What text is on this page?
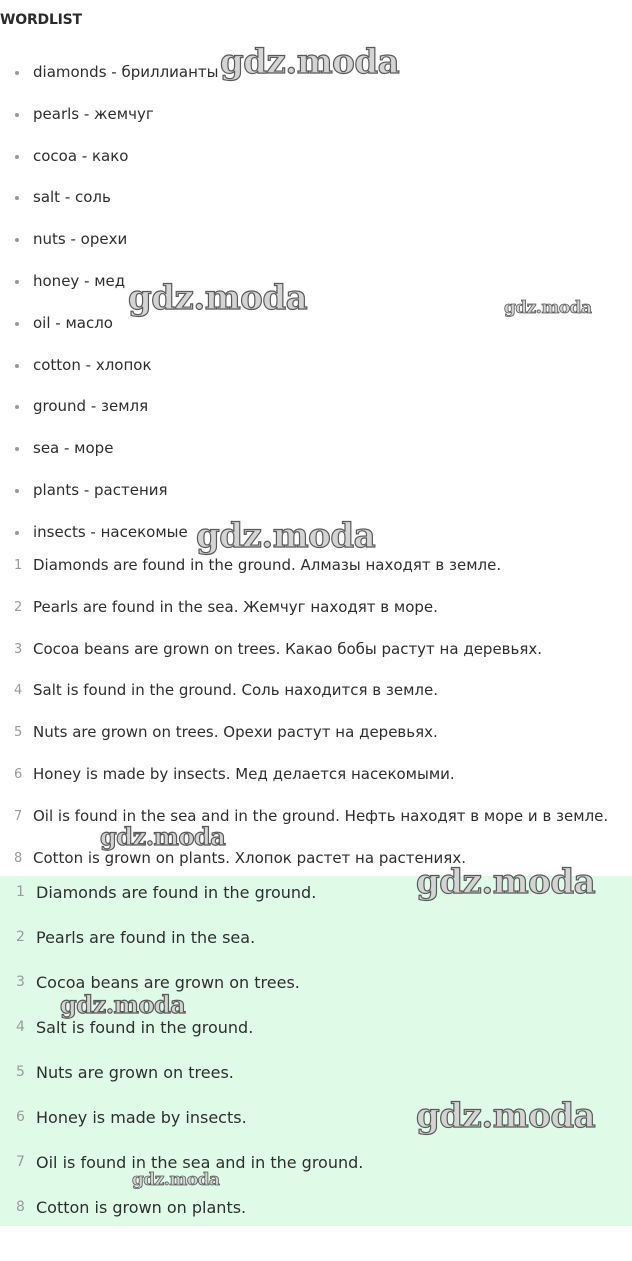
WORDLIST
diamonds - бриллианты
pearls - жемчуг
cocoa - како
salt - соль
nuts - орехи
honey - мед
oil - масло
cotton - хлопок
ground - земля
sea - море
plants - растения
insects - насекомые
1 Diamonds are found in the ground. Алмазы находят в земле.
2 Pearls are found in the sea. Жемчуг находят в море.
3 Cocoa beans are grown on trees. Какао бобы растут на деревьях.
4 Salt is found in the ground. Соль находится в земле.
5 Nuts are grown on trees. Орехи растут на деревьях.
6 Honey is made by insects. Мед делается насекомыми.
7 Oil is found in the sea and in the ground. Нефть находят в море и в земле.
8 Cotton is grown on plants. Хлопок растет на растениях.
1 Diamonds are found in the ground.
2 Pearls are found in the sea.
3 Cocoa beans are grown on trees.
4 Salt is found in the ground.
5 Nuts are grown on trees.
6 Honey is made by insects.
7 Oil is found in the sea and in the ground.
8 Cotton is grown on plants.
gdz.moda
gdz.moda	gdz.moda
gdz.moda
gdz.moda
gdz.moda
gdz.moda
gdz.moda
gdz.moda
